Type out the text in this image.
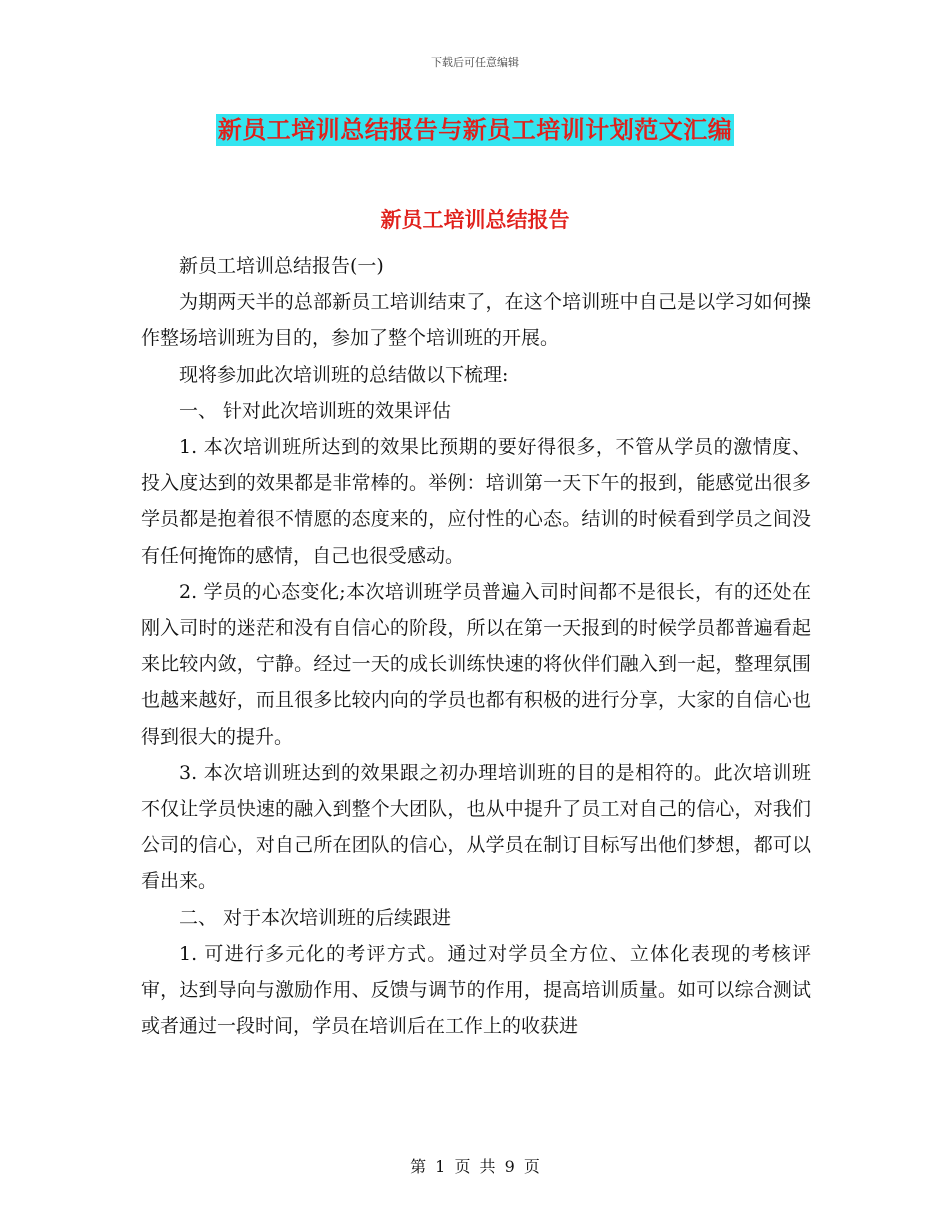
下载后可任意编辑
新员工培训总结报告与新员工培训计划范文汇编
新员工培训总结报告

新员工培训总结报告(一)

为期两天半的总部新员工培训结束了，在这个培训班中自己是以学习如何操作整场培训班为目的，参加了整个培训班的开展。

现将参加此次培训班的总结做以下梳理:

一、 针对此次培训班的效果评估

1. 本次培训班所达到的效果比预期的要好得很多，不管从学员的激情度、投入度达到的效果都是非常棒的。举例：培训第一天下午的报到，能感觉出很多学员都是抱着很不情愿的态度来的，应付性的心态。结训的时候看到学员之间没有任何掩饰的感情，自己也很受感动。

2. 学员的心态变化;本次培训班学员普遍入司时间都不是很长，有的还处在刚入司时的迷茫和没有自信心的阶段，所以在第一天报到的时候学员都普遍看起来比较内敛，宁静。经过一天的成长训练快速的将伙伴们融入到一起，整理氛围也越来越好，而且很多比较内向的学员也都有积极的进行分享，大家的自信心也得到很大的提升。

3. 本次培训班达到的效果跟之初办理培训班的目的是相符的。此次培训班不仅让学员快速的融入到整个大团队，也从中提升了员工对自己的信心，对我们公司的信心，对自己所在团队的信心，从学员在制订目标写出他们梦想，都可以看出来。

二、 对于本次培训班的后续跟进

1. 可进行多元化的考评方式。通过对学员全方位、立体化表现的考核评审，达到导向与激励作用、反馈与调节的作用，提高培训质量。如可以综合测试或者通过一段时间，学员在培训后在工作上的收获进

第 1 页 共 9 页
